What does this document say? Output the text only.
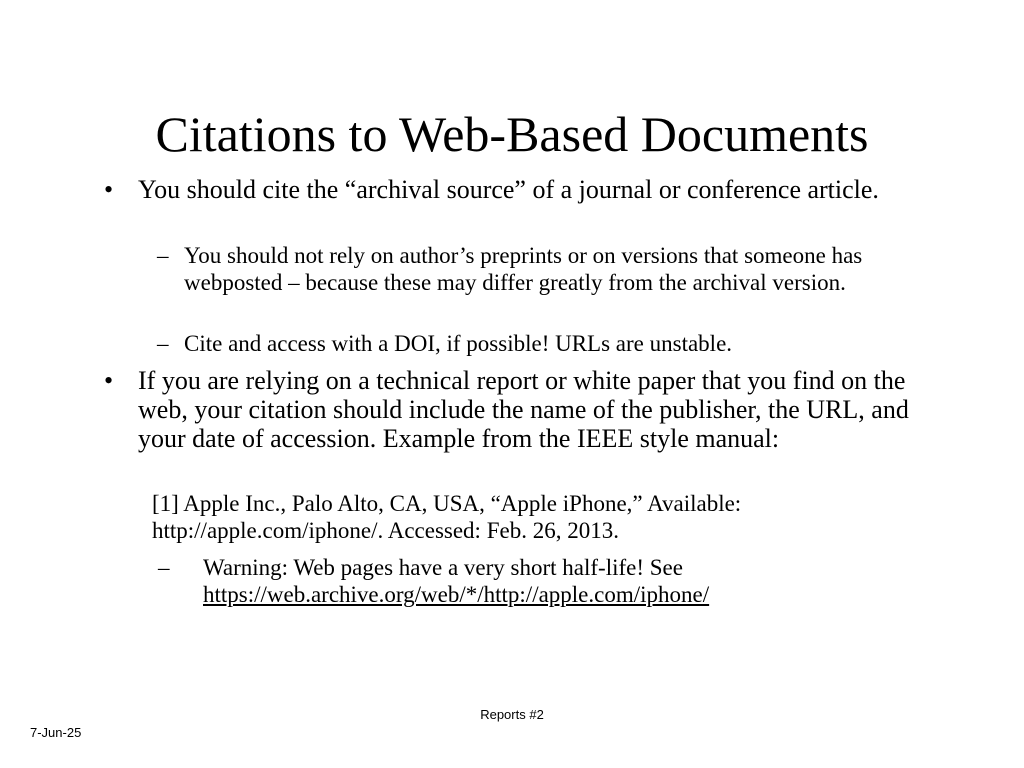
Citations to Web-Based Documents
• You should cite the “archival source” of a journal or conference article.
– You should not rely on author’s preprints or on versions that someone has webposted – because these may differ greatly from the archival version.
– Cite and access with a DOI, if possible! URLs are unstable.
• If you are relying on a technical report or white paper that you find on the web, your citation should include the name of the publisher, the URL, and your date of accession. Example from the IEEE style manual:
[1] Apple Inc., Palo Alto, CA, USA, “Apple iPhone,” Available: http://apple.com/iphone/. Accessed: Feb. 26, 2013.
– Warning: Web pages have a very short half-life! See
https://web.archive.org/web/*/http://apple.com/iphone/
Reports #2
7-Jun-25
